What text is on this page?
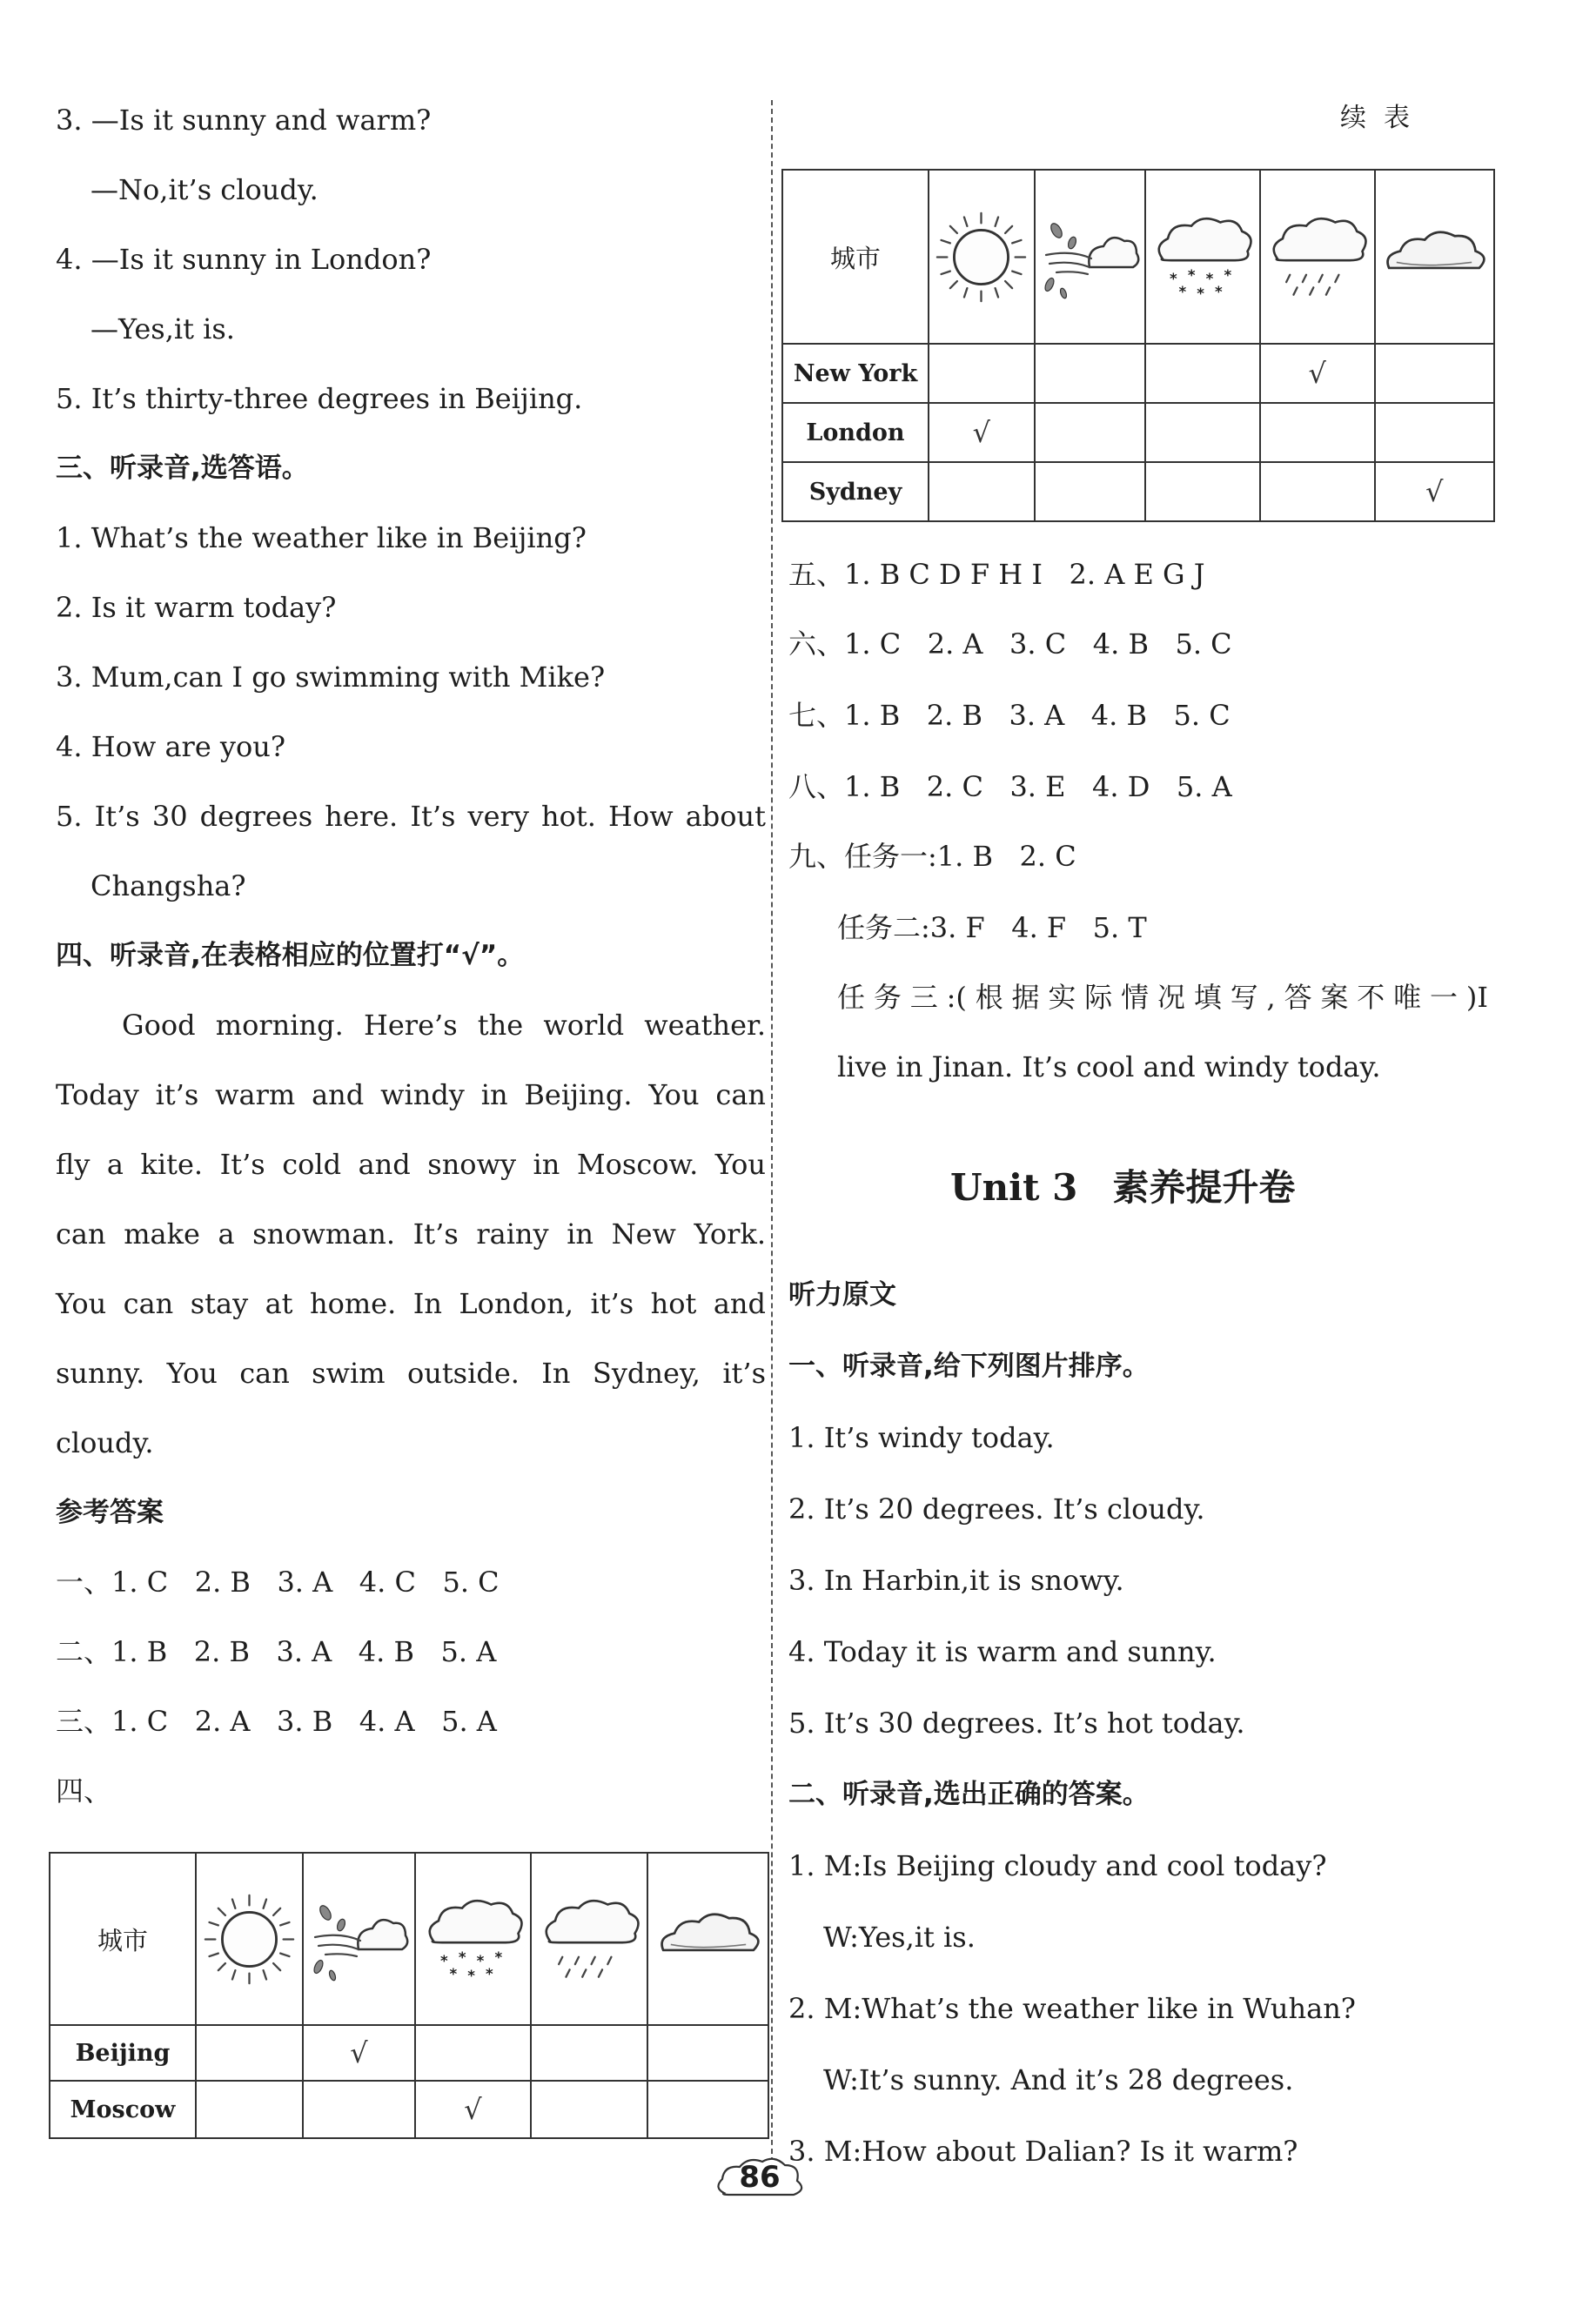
续表
3. —Is it sunny and warm?
—No,it’s cloudy.
4. —Is it sunny in London?
—Yes,it is.
5. It’s thirty-three degrees in Beijing.
三、听录音,选答语。
1. What’s the weather like in Beijing?
2. Is it warm today?
3. Mum,can I go swimming with Mike?
4. How are you?
5. It’s 30 degrees here. It’s very hot. How about
Changsha?
四、听录音,在表格相应的位置打“√”。
Good morning. Here’s the world weather.
Today it’s warm and windy in Beijing. You can
fly a kite. It’s cold and snowy in Moscow. You
can make a snowman. It’s rainy in New York.
You can stay at home. In London, it’s hot and
sunny. You can swim outside. In Sydney, it’s
cloudy.
参考答案
一、1. C   2. B   3. A   4. C   5. C
二、1. B   2. B   3. A   4. B   5. A
三、1. C   2. A   3. B   4. A   5. A
四、
城市	

Beijing		√			
Moscow			√		
城市	

New York				√	
London	√				
Sydney					√
五、1. B C D F H I   2. A E G J
六、1. C   2. A   3. C   4. B   5. C
七、1. B   2. B   3. A   4. B   5. C
八、1. B   2. C   3. E   4. D   5. A
九、任务一:1. B   2. C
任务二:3. F   4. F   5. T
任务三:(根据实际情况填写,答案不唯一)I
live in Jinan. It’s cool and windy today.
听力原文
一、听录音,给下列图片排序。
1. It’s windy today.
2. It’s 20 degrees. It’s cloudy.
3. In Harbin,it is snowy.
4. Today it is warm and sunny.
5. It’s 30 degrees. It’s hot today.
二、听录音,选出正确的答案。
1. M:Is Beijing cloudy and cool today?
W:Yes,it is.
2. M:What’s the weather like in Wuhan?
W:It’s sunny. And it’s 28 degrees.
3. M:How about Dalian? Is it warm?
Unit 3 素养提升卷
86
